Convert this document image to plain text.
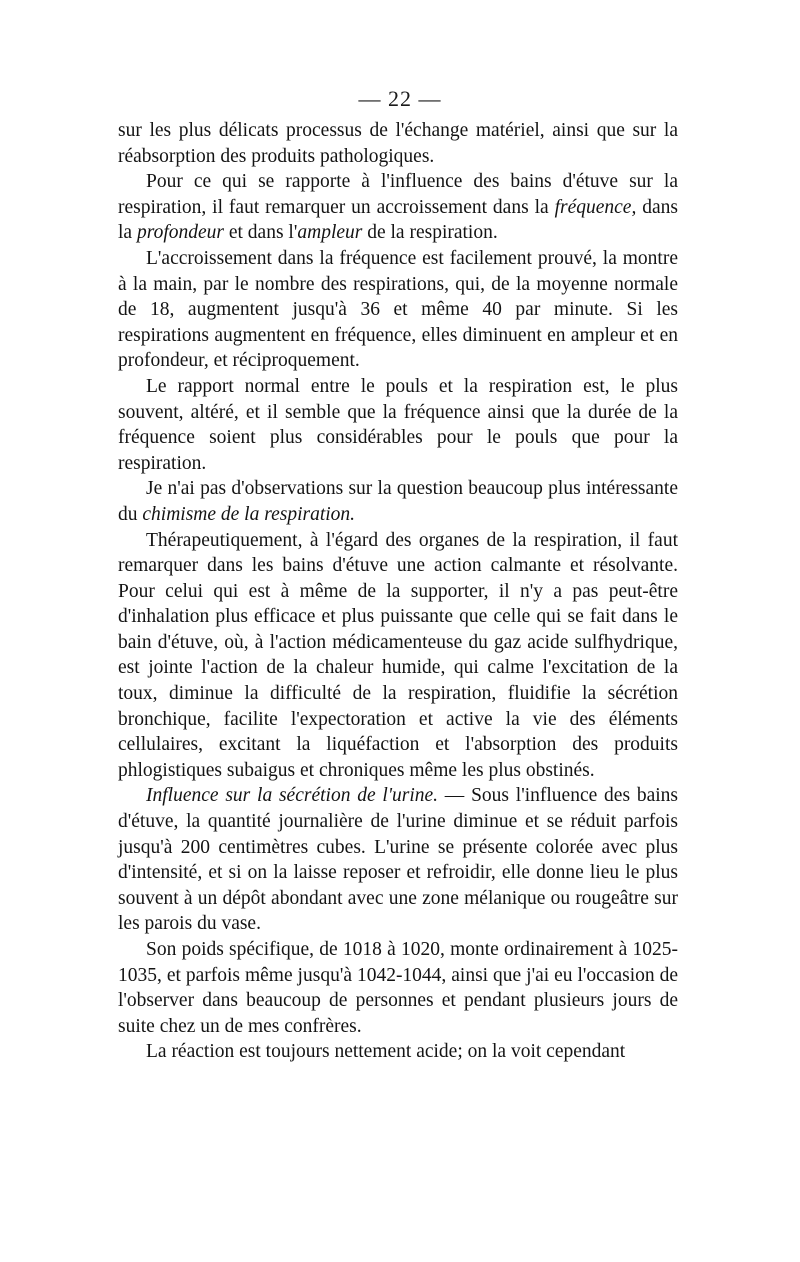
— 22 —

sur les plus délicats processus de l'échange matériel, ainsi que sur la réabsorption des produits pathologiques.

Pour ce qui se rapporte à l'influence des bains d'étuve sur la respiration, il faut remarquer un accroissement dans la fréquence, dans la profondeur et dans l'ampleur de la respiration.

L'accroissement dans la fréquence est facilement prouvé, la montre à la main, par le nombre des respirations, qui, de la moyenne normale de 18, augmentent jusqu'à 36 et même 40 par minute. Si les respirations augmentent en fréquence, elles diminuent en ampleur et en profondeur, et réciproquement.

Le rapport normal entre le pouls et la respiration est, le plus souvent, altéré, et il semble que la fréquence ainsi que la durée de la fréquence soient plus considérables pour le pouls que pour la respiration.

Je n'ai pas d'observations sur la question beaucoup plus intéressante du chimisme de la respiration.

Thérapeutiquement, à l'égard des organes de la respiration, il faut remarquer dans les bains d'étuve une action calmante et résolvante. Pour celui qui est à même de la supporter, il n'y a pas peut-être d'inhalation plus efficace et plus puissante que celle qui se fait dans le bain d'étuve, où, à l'action médicamenteuse du gaz acide sulfhydrique, est jointe l'action de la chaleur humide, qui calme l'excitation de la toux, diminue la difficulté de la respiration, fluidifie la sécrétion bronchique, facilite l'expectoration et active la vie des éléments cellulaires, excitant la liquéfaction et l'absorption des produits phlogistiques subaigus et chroniques même les plus obstinés.

Influence sur la sécrétion de l'urine. — Sous l'influence des bains d'étuve, la quantité journalière de l'urine diminue et se réduit parfois jusqu'à 200 centimètres cubes. L'urine se présente colorée avec plus d'intensité, et si on la laisse reposer et refroidir, elle donne lieu le plus souvent à un dépôt abondant avec une zone mélanique ou rougeâtre sur les parois du vase.

Son poids spécifique, de 1018 à 1020, monte ordinairement à 1025-1035, et parfois même jusqu'à 1042-1044, ainsi que j'ai eu l'occasion de l'observer dans beaucoup de personnes et pendant plusieurs jours de suite chez un de mes confrères.

La réaction est toujours nettement acide; on la voit cependant
